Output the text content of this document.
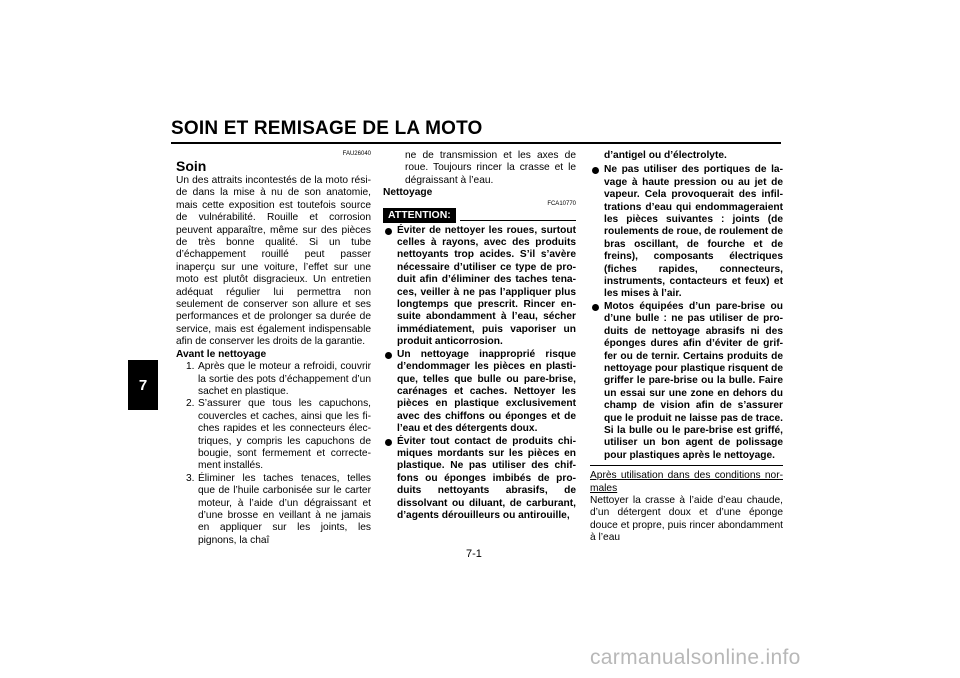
SOIN ET REMISAGE DE LA MOTO
7
FAU26040
Soin

Un des attraits incontestés de la moto réside dans la mise à nu de son anatomie, mais cette exposition est toutefois source de vulnérabilité. Rouille et corrosion peuvent apparaître, même sur des pièces de très bonne qualité. Si un tube d’échappement rouillé peut passer inaperçu sur une voiture, l’effet sur une moto est plutôt disgracieux. Un entretien adéquat régulier lui permettra non seulement de conserver son allure et ses performances et de prolonger sa durée de service, mais est également indispensable afin de conserver les droits de la garantie.

Avant le nettoyage

1. Après que le moteur a refroidi, couvrir la sortie des pots d’échappement d’un sachet en plastique.
2. S’assurer que tous les capuchons, couvercles et caches, ainsi que les fiches rapides et les connecteurs électriques, y compris les capuchons de bougie, sont fermement et correctement installés.
3. Éliminer les taches tenaces, telles que de l’huile carbonisée sur le carter moteur, à l’aide d’un dégraissant et d’une brosse en veillant à ne jamais en appliquer sur les joints, les pignons, la chaî

ne de transmission et les axes de roue. Toujours rincer la crasse et le dégraissant à l’eau.

Nettoyage

FCA10770
ATTENTION:
Éviter de nettoyer les roues, surtout celles à rayons, avec des produits nettoyants trop acides. S’il s’avère nécessaire d’utiliser ce type de produit afin d’éliminer des taches tenaces, veiller à ne pas l’appliquer plus longtemps que prescrit. Rincer ensuite abondamment à l’eau, sécher immédiatement, puis vaporiser un produit anticorrosion.
Un nettoyage inapproprié risque d’endommager les pièces en plastique, telles que bulle ou pare-brise, carénages et caches. Nettoyer les pièces en plastique exclusivement avec des chiffons ou éponges et de l’eau et des détergents doux.
Éviter tout contact de produits chimiques mordants sur les pièces en plastique. Ne pas utiliser des chiffons ou éponges imbibés de produits nettoyants abrasifs, de dissolvant ou diluant, de carburant, d’agents dérouilleurs ou antirouille,

d’antigel ou d’électrolyte.

Ne pas utiliser des portiques de lavage à haute pression ou au jet de vapeur. Cela provoquerait des infiltrations d’eau qui endommageraient les pièces suivantes : joints (de roulements de roue, de roulement de bras oscillant, de fourche et de freins), composants électriques (fiches rapides, connecteurs, instruments, contacteurs et feux) et les mises à l’air.
Motos équipées d’un pare-brise ou d’une bulle : ne pas utiliser de produits de nettoyage abrasifs ni des éponges dures afin d’éviter de griffer ou de ternir. Certains produits de nettoyage pour plastique risquent de griffer le pare-brise ou la bulle. Faire un essai sur une zone en dehors du champ de vision afin de s’assurer que le produit ne laisse pas de trace. Si la bulle ou le pare-brise est griffé, utiliser un bon agent de polissage pour plastiques après le nettoyage.

Après utilisation dans des conditions normales

Nettoyer la crasse à l’aide d’eau chaude, d’un détergent doux et d’une éponge douce et propre, puis rincer abondamment à l’eau

7-1
carmanualsonline.info
